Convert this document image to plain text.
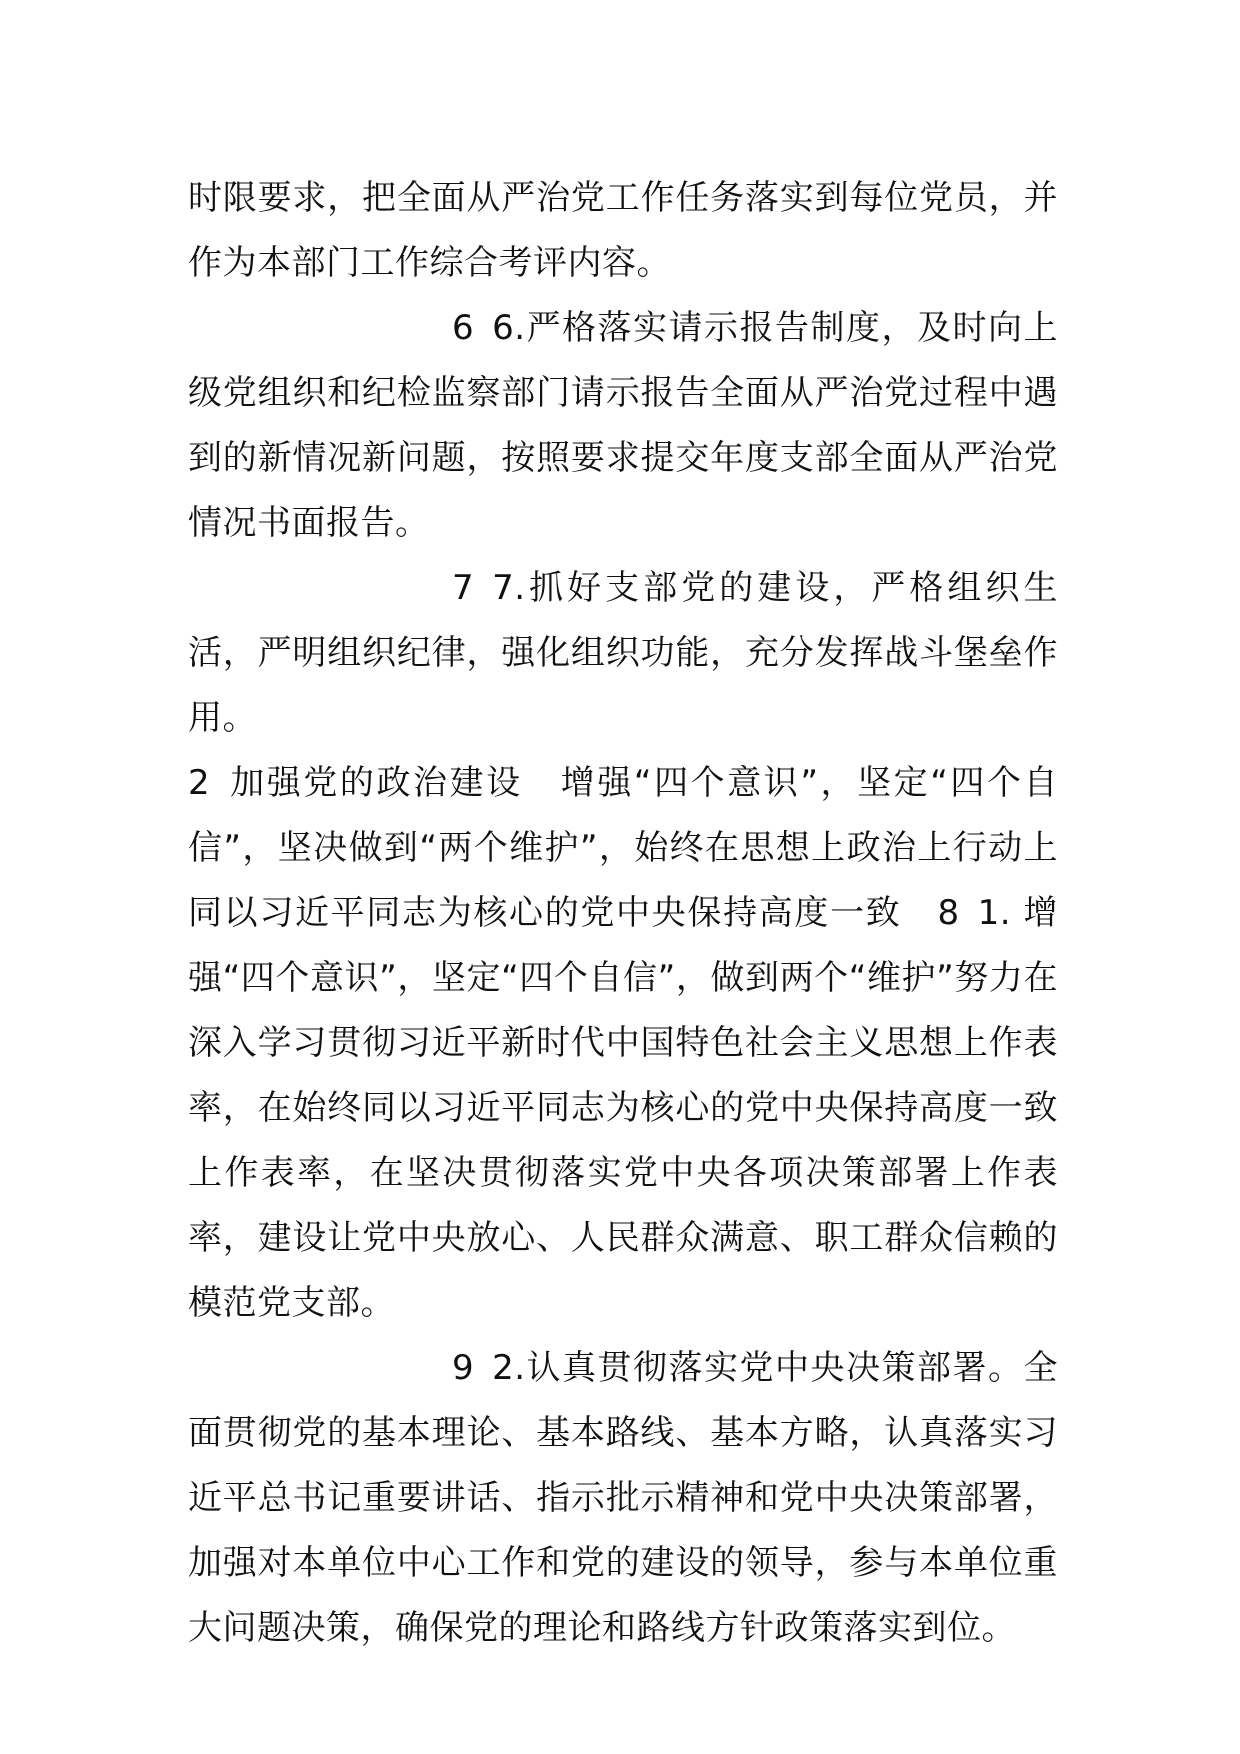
时限要求，把全面从严治党工作任务落实到每位党员，并作为本部门工作综合考评内容。

6 6.严格落实请示报告制度，及时向上级党组织和纪检监察部门请示报告全面从严治党过程中遇到的新情况新问题，按照要求提交年度支部全面从严治党情况书面报告。

7 7.抓好支部党的建设，严格组织生活，严明组织纪律，强化组织功能，充分发挥战斗堡垒作用。

2 加强党的政治建设 增强“四个意识”，坚定“四个自信”，坚决做到“两个维护”，始终在思想上政治上行动上同以习近平同志为核心的党中央保持高度一致 8 1. 增强“四个意识”，坚定“四个自信”，做到两个“维护”努力在深入学习贯彻习近平新时代中国特色社会主义思想上作表率，在始终同以习近平同志为核心的党中央保持高度一致上作表率，在坚决贯彻落实党中央各项决策部署上作表率，建设让党中央放心、人民群众满意、职工群众信赖的模范党支部。

9 2.认真贯彻落实党中央决策部署。全面贯彻党的基本理论、基本路线、基本方略，认真落实习近平总书记重要讲话、指示批示精神和党中央决策部署，加强对本单位中心工作和党的建设的领导，参与本单位重大问题决策，确保党的理论和路线方针政策落实到位。
